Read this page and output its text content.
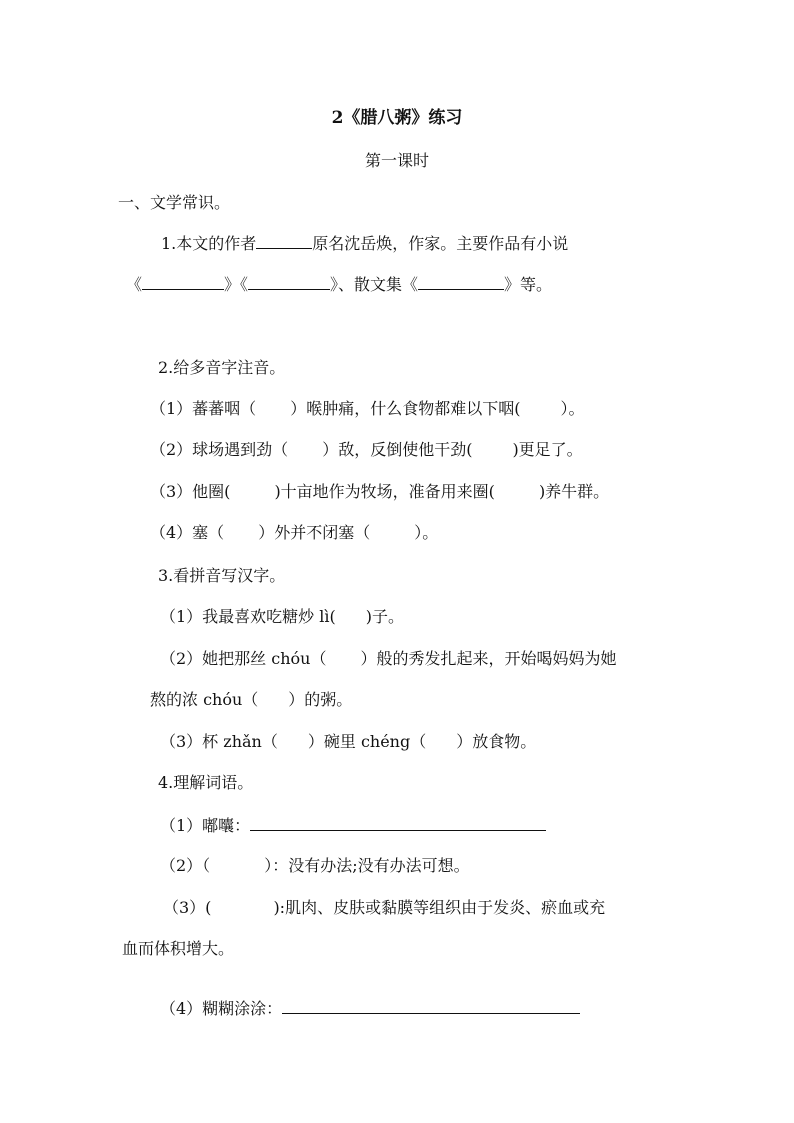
2《腊八粥》练习
第一课时
一、文学常识。
1.本文的作者	原名沈岳焕，作家。主要作品有小说
《	》《	》、散文集《	》等。
2.给多音字注音。
（1）蕃蕃咽（ ）喉肿痛，什么食物都难以下咽(	）。
（2）球场遇到劲（ ）敌，反倒使他干劲(	)更足了。
（3）他圈(	)十亩地作为牧场，准备用来圈(	)养牛群。
（4）塞（ ）外并不闭塞（	）。
3.看拼音写汉字。
（1）我最喜欢吃糖炒 lì( )子。
（2）她把那丝 chóu（ ）般的秀发扎起来，开始喝妈妈为她
熬的浓 chóu（ ）的粥。
（3）杯 zhǎn（ ）碗里 chéng（ ）放食物。
4.理解词语。
（1）嘟囔：
（2）（	）：没有办法;没有办法可想。
（3）(	):肌肉、皮肤或黏膜等组织由于发炎、瘀血或充
血而体积增大。
（4）糊糊涂涂：
